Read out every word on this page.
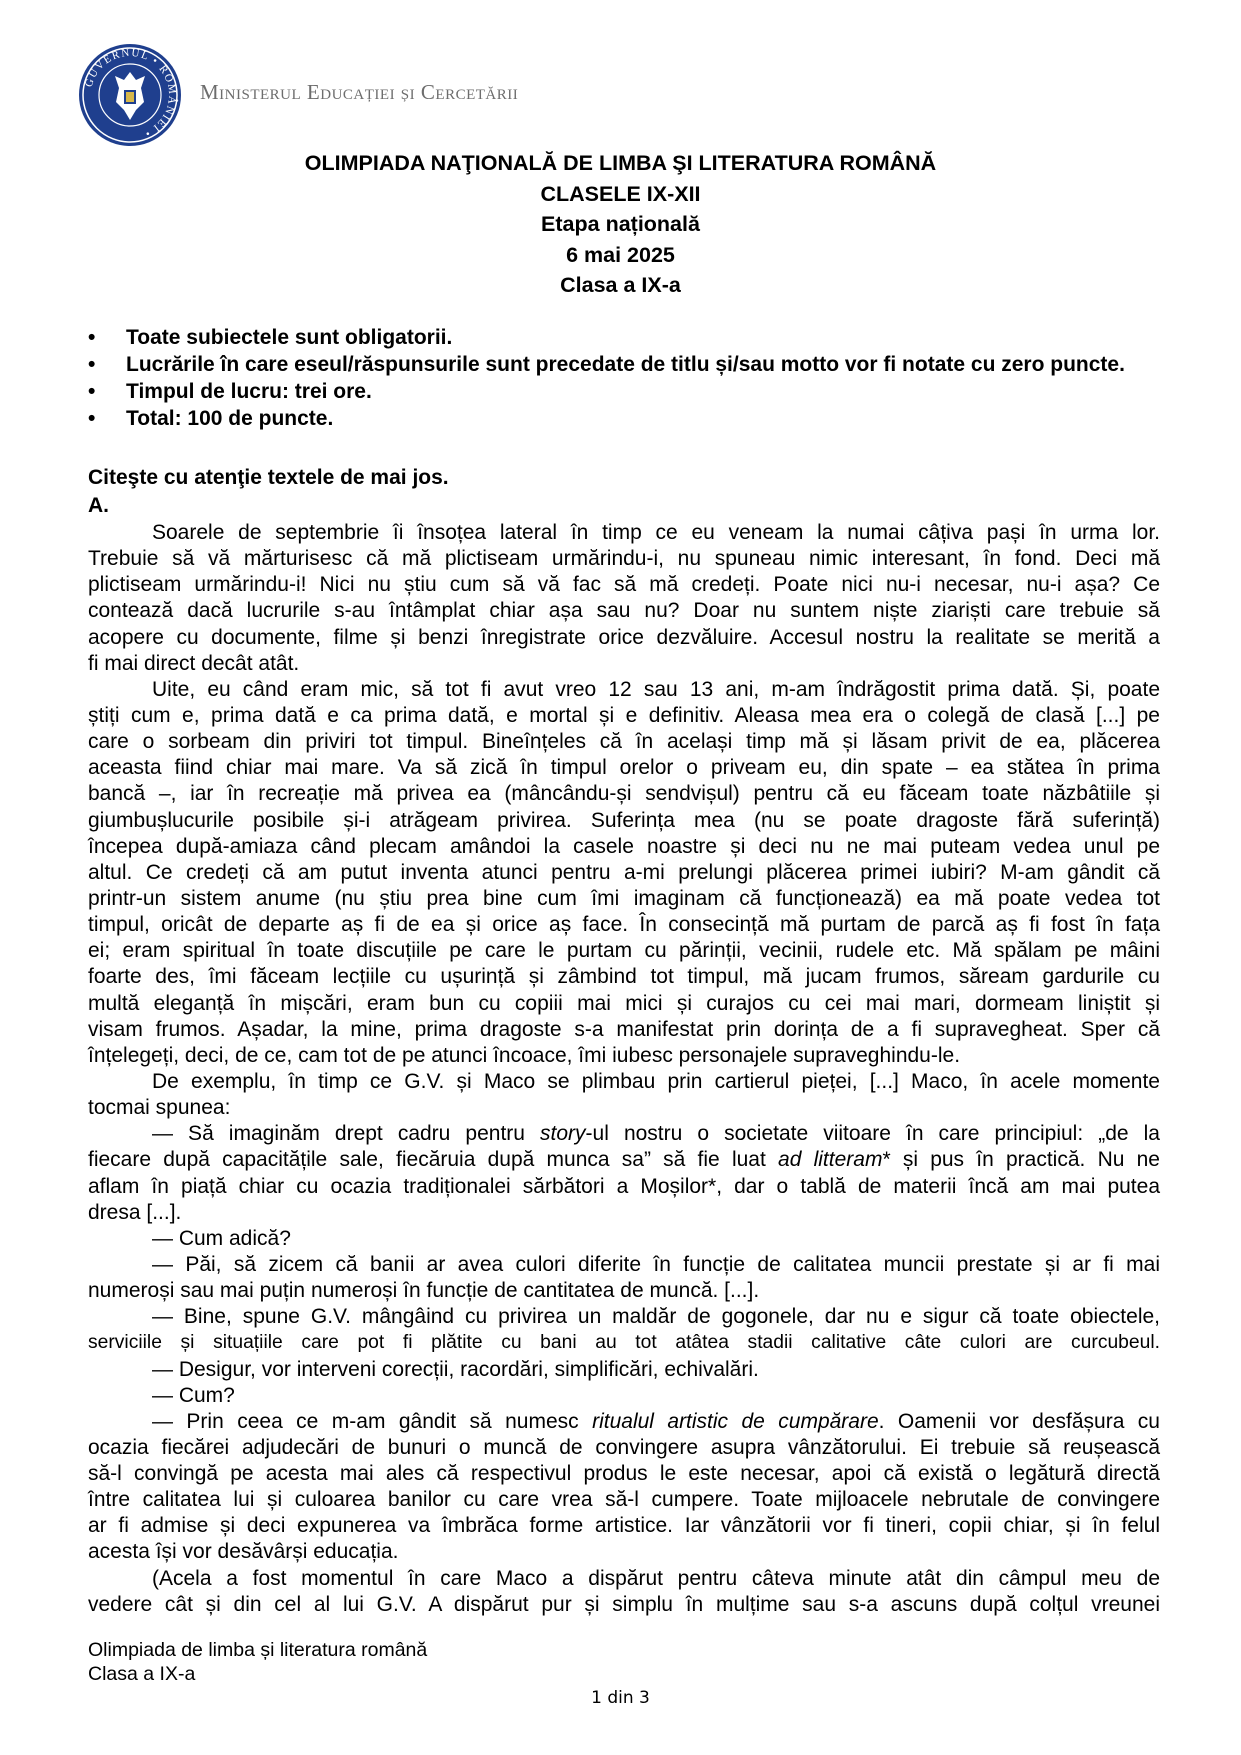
GUVERNUL • ROMÂNIEI •
Ministerul Educației și Cercetării
OLIMPIADA NAŢIONALĂ DE LIMBA ŞI LITERATURA ROMÂNĂ
CLASELE IX-XII
Etapa națională
6 mai 2025
Clasa a IX-a
• Toate subiectele sunt obligatorii.
• Lucrările în care eseul/răspunsurile sunt precedate de titlu și/sau motto vor fi notate cu zero puncte.
• Timpul de lucru: trei ore.
• Total: 100 de puncte.
Citeşte cu atenţie textele de mai jos.
A.
Soarele de septembrie îi însoțea lateral în timp ce eu veneam la numai câțiva pași în urma lor.
Trebuie să vă mărturisesc că mă plictiseam urmărindu-i, nu spuneau nimic interesant, în fond. Deci mă
plictiseam urmărindu-i! Nici nu știu cum să vă fac să mă credeți. Poate nici nu-i necesar, nu-i așa? Ce
contează dacă lucrurile s-au întâmplat chiar așa sau nu? Doar nu suntem niște ziariști care trebuie să
acopere cu documente, filme și benzi înregistrate orice dezvăluire. Accesul nostru la realitate se merită a
fi mai direct decât atât.
Uite, eu când eram mic, să tot fi avut vreo 12 sau 13 ani, m-am îndrăgostit prima dată. Și, poate
știți cum e, prima dată e ca prima dată, e mortal și e definitiv. Aleasa mea era o colegă de clasă [...] pe
care o sorbeam din priviri tot timpul. Bineînțeles că în același timp mă și lăsam privit de ea, plăcerea
aceasta fiind chiar mai mare. Va să zică în timpul orelor o priveam eu, din spate – ea stătea în prima
bancă –, iar în recreație mă privea ea (mâncându-și sendvișul) pentru că eu făceam toate năzbâtiile și
giumbușlucurile posibile și-i atrăgeam privirea. Suferința mea (nu se poate dragoste fără suferință)
începea după-amiaza când plecam amândoi la casele noastre și deci nu ne mai puteam vedea unul pe
altul. Ce credeți că am putut inventa atunci pentru a-mi prelungi plăcerea primei iubiri? M-am gândit că
printr-un sistem anume (nu știu prea bine cum îmi imaginam că funcționează) ea mă poate vedea tot
timpul, oricât de departe aș fi de ea și orice aș face. În consecință mă purtam de parcă aș fi fost în fața
ei; eram spiritual în toate discuțiile pe care le purtam cu părinții, vecinii, rudele etc. Mă spălam pe mâini
foarte des, îmi făceam lecțiile cu ușurință și zâmbind tot timpul, mă jucam frumos, săream gardurile cu
multă eleganță în mișcări, eram bun cu copiii mai mici și curajos cu cei mai mari, dormeam liniștit și
visam frumos. Așadar, la mine, prima dragoste s-a manifestat prin dorința de a fi supravegheat. Sper că
înțelegeți, deci, de ce, cam tot de pe atunci încoace, îmi iubesc personajele supraveghindu-le.
De exemplu, în timp ce G.V. și Maco se plimbau prin cartierul pieței, [...] Maco, în acele momente
tocmai spunea:
— Să imaginăm drept cadru pentru story-ul nostru o societate viitoare în care principiul: „de la
fiecare după capacitățile sale, fiecăruia după munca sa” să fie luat ad litteram* și pus în practică. Nu ne
aflam în piață chiar cu ocazia tradiționalei sărbători a Moșilor*, dar o tablă de materii încă am mai putea
dresa [...].
— Cum adică?
— Păi, să zicem că banii ar avea culori diferite în funcție de calitatea muncii prestate și ar fi mai
numeroși sau mai puțin numeroși în funcție de cantitatea de muncă. [...].
— Bine, spune G.V. mângâind cu privirea un maldăr de gogonele, dar nu e sigur că toate obiectele,
serviciile și situațiile care pot fi plătite cu bani au tot atâtea stadii calitative câte culori are curcubeul.
— Desigur, vor interveni corecții, racordări, simplificări, echivalări.
— Cum?
— Prin ceea ce m-am gândit să numesc ritualul artistic de cumpărare. Oamenii vor desfășura cu
ocazia fiecărei adjudecări de bunuri o muncă de convingere asupra vânzătorului. Ei trebuie să reușească
să-l convingă pe acesta mai ales că respectivul produs le este necesar, apoi că există o legătură directă
între calitatea lui și culoarea banilor cu care vrea să-l cumpere. Toate mijloacele nebrutale de convingere
ar fi admise și deci expunerea va îmbrăca forme artistice. Iar vânzătorii vor fi tineri, copii chiar, și în felul
acesta își vor desăvârși educația.
(Acela a fost momentul în care Maco a dispărut pentru câteva minute atât din câmpul meu de
vedere cât și din cel al lui G.V. A dispărut pur și simplu în mulțime sau s-a ascuns după colțul vreunei
Olimpiada de limba și literatura română
Clasa a IX-a
1 din 3
